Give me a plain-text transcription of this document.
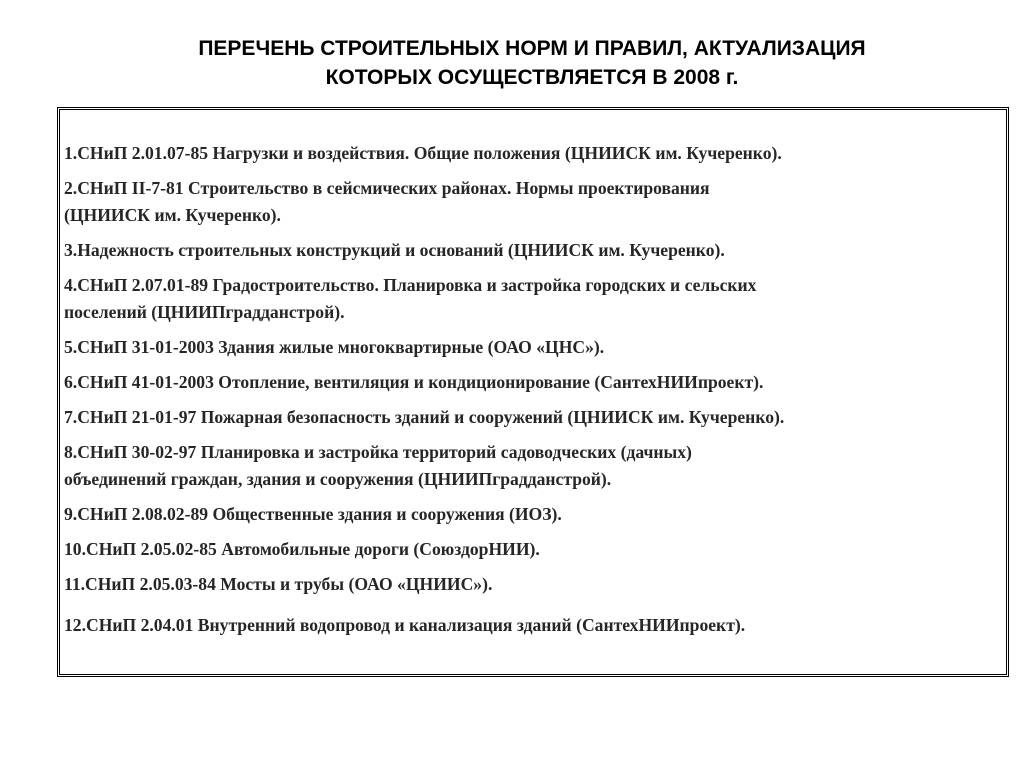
ПЕРЕЧЕНЬ СТРОИТЕЛЬНЫХ НОРМ И ПРАВИЛ, АКТУАЛИЗАЦИЯ
КОТОРЫХ ОСУЩЕСТВЛЯЕТСЯ В 2008 г.
1.СНиП 2.01.07-85 Нагрузки и воздействия. Общие положения (ЦНИИСК им. Кучеренко).
2.СНиП II-7-81 Строительство в сейсмических районах. Нормы проектирования
(ЦНИИСК им. Кучеренко).
3.Надежность строительных конструкций и оснований (ЦНИИСК им. Кучеренко).
4.СНиП 2.07.01-89 Градостроительство. Планировка и застройка городских и сельских
поселений (ЦНИИПградданстрой).
5.СНиП 31-01-2003 Здания жилые многоквартирные (ОАО «ЦНС»).
6.СНиП 41-01-2003 Отопление, вентиляция и кондиционирование (СантехНИИпроект).
7.СНиП 21-01-97 Пожарная безопасность зданий и сооружений (ЦНИИСК им. Кучеренко).
8.СНиП 30-02-97 Планировка и застройка территорий садоводческих (дачных)
объединений граждан, здания и сооружения (ЦНИИПградданстрой).
9.СНиП 2.08.02-89 Общественные здания и сооружения (ИОЗ).
10.СНиП 2.05.02-85 Автомобильные дороги (СоюздорНИИ).
11.СНиП 2.05.03-84 Мосты и трубы (ОАО «ЦНИИС»).
12.СНиП 2.04.01 Внутренний водопровод и канализация зданий (СантехНИИпроект).
